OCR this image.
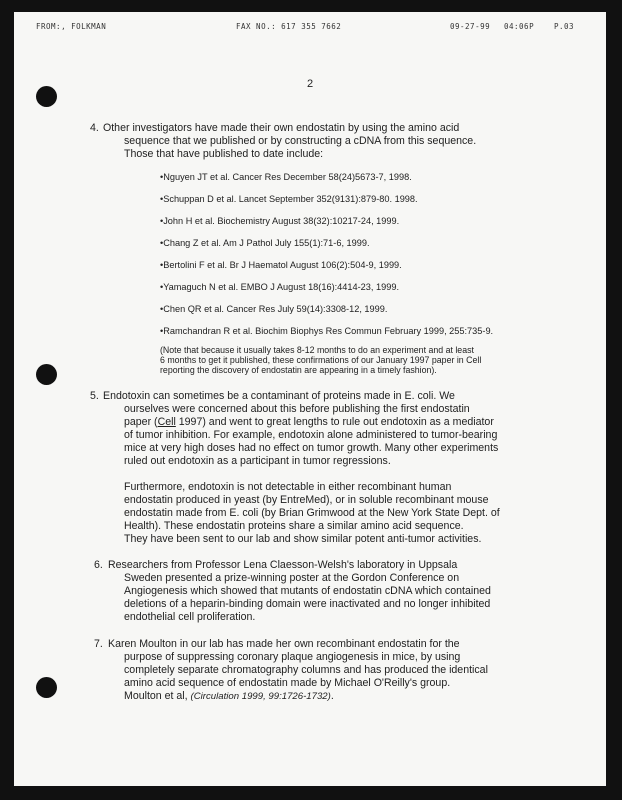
FROM:, FOLKMAN	FAX NO.: 617 355 7662	09-27-99 04:06P	P.03
2
4. Other investigators have made their own endostatin by using the amino acid
sequence that we published or by constructing a cDNA from this sequence.
Those that have published to date include:
•Nguyen JT et al. Cancer Res December 58(24)5673-7, 1998.
•Schuppan D et al. Lancet September 352(9131):879-80. 1998.
•John H et al. Biochemistry August 38(32):10217-24, 1999.
•Chang Z et al. Am J Pathol July 155(1):71-6, 1999.
•Bertolini F et al. Br J Haematol August 106(2):504-9, 1999.
•Yamaguch N et al. EMBO J August 18(16):4414-23, 1999.
•Chen QR et al. Cancer Res July 59(14):3308-12, 1999.
•Ramchandran R et al. Biochim Biophys Res Commun February 1999, 255:735-9.
(Note that because it usually takes 8-12 months to do an experiment and at least
6 months to get it published, these confirmations of our January 1997 paper in Cell
reporting the discovery of endostatin are appearing in a timely fashion).
5. Endotoxin can sometimes be a contaminant of proteins made in E. coli. We
ourselves were concerned about this before publishing the first endostatin
paper (Cell 1997) and went to great lengths to rule out endotoxin as a mediator
of tumor inhibition. For example, endotoxin alone administered to tumor-bearing
mice at very high doses had no effect on tumor growth. Many other experiments
ruled out endotoxin as a participant in tumor regressions.
Furthermore, endotoxin is not detectable in either recombinant human
endostatin produced in yeast (by EntreMed), or in soluble recombinant mouse
endostatin made from E. coli (by Brian Grimwood at the New York State Dept. of
Health). These endostatin proteins share a similar amino acid sequence.
They have been sent to our lab and show similar potent anti-tumor activities.
6. Researchers from Professor Lena Claesson-Welsh's laboratory in Uppsala
Sweden presented a prize-winning poster at the Gordon Conference on
Angiogenesis which showed that mutants of endostatin cDNA which contained
deletions of a heparin-binding domain were inactivated and no longer inhibited
endothelial cell proliferation.
7. Karen Moulton in our lab has made her own recombinant endostatin for the
purpose of suppressing coronary plaque angiogenesis in mice, by using
completely separate chromatography columns and has produced the identical
amino acid sequence of endostatin made by Michael O'Reilly's group.
Moulton et al, (Circulation 1999, 99:1726-1732).
